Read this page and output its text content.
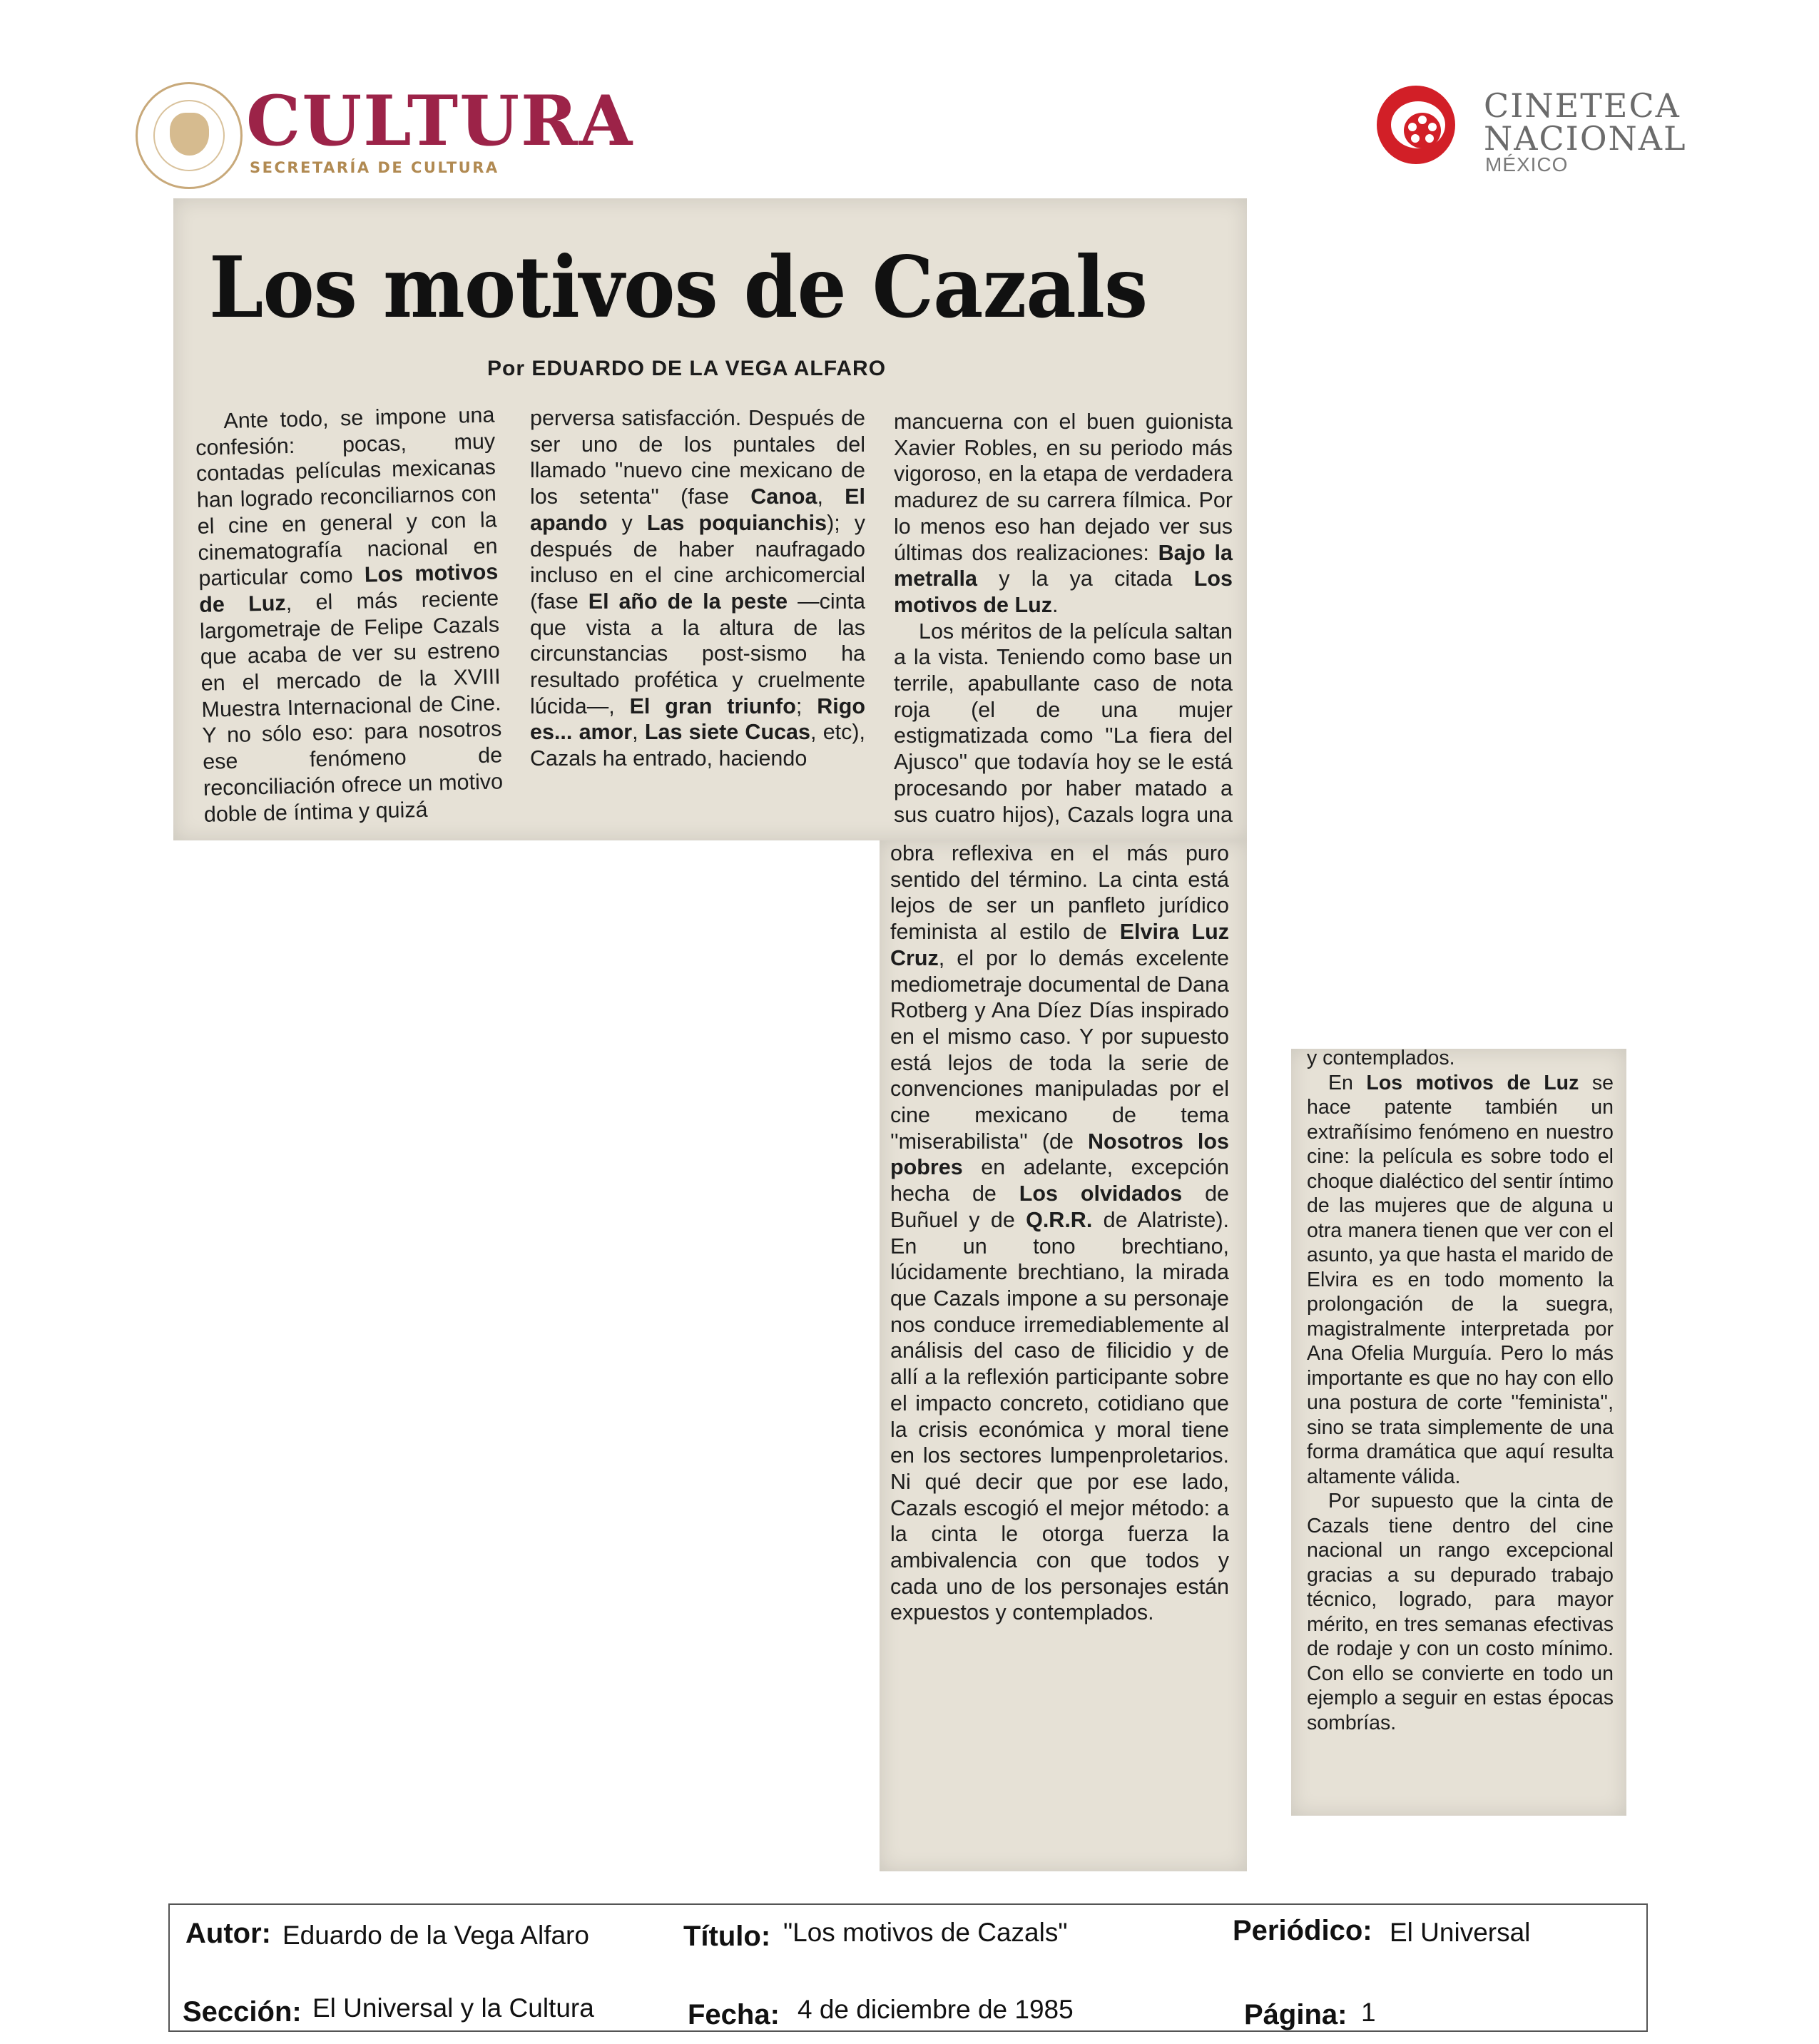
CULTURA
SECRETARÍA DE CULTURA
CINETECA
NACIONAL
MÉXICO
Los motivos de Cazals
Por EDUARDO DE LA VEGA ALFARO

Ante todo, se impone una confesión: pocas, muy contadas películas mexicanas han logrado reconciliarnos con el cine en general y con la cinematografía nacional en particular como Los motivos de Luz, el más reciente largometraje de Felipe Cazals que acaba de ver su estreno en el mercado de la XVIII Muestra Internacional de Cine. Y no sólo eso: para nosotros ese fenómeno de reconciliación ofrece un motivo doble de íntima y quizá

perversa satisfacción. Después de ser uno de los puntales del llamado ''nuevo cine mexicano de los setenta'' (fase Canoa, El apando y Las poquianchis); y después de haber naufragado incluso en el cine archicomercial (fase El año de la peste —cinta que vista a la altura de las circunstancias post-sismo ha resultado profética y cruelmente lúcida—, El gran triunfo; Rigo es... amor, Las siete Cucas, etc), Cazals ha entrado, haciendo

mancuerna con el buen guionista Xavier Robles, en su periodo más vigoroso, en la etapa de verdadera madurez de su carrera fílmica. Por lo menos eso han dejado ver sus últimas dos realizaciones: Bajo la metralla y la ya citada Los motivos de Luz.

Los méritos de la película saltan a la vista. Teniendo como base un terrile, apabullante caso de nota roja (el de una mujer estigmatizada como ''La fiera del Ajusco'' que todavía hoy se le está procesando por haber matado a sus cuatro hijos), Cazals logra una

obra reflexiva en el más puro sentido del término. La cinta está lejos de ser un panfleto jurídico feminista al estilo de Elvira Luz Cruz, el por lo demás excelente mediometraje documental de Dana Rotberg y Ana Díez Días inspirado en el mismo caso. Y por supuesto está lejos de toda la serie de convenciones manipuladas por el cine mexicano de tema ''miserabilista'' (de Nosotros los pobres en adelante, excepción hecha de Los olvidados de Buñuel y de Q.R.R. de Alatriste). En un tono brechtiano, lúcidamente brechtiano, la mirada que Cazals impone a su personaje nos conduce irremediablemente al análisis del caso de filicidio y de allí a la reflexión participante sobre el impacto concreto, cotidiano que la crisis económica y moral tiene en los sectores lumpenproletarios. Ni qué decir que por ese lado, Cazals escogió el mejor método: a la cinta le otorga fuerza la ambivalencia con que todos y cada uno de los personajes están expuestos y contemplados.

y contemplados.

En Los motivos de Luz se hace patente también un extrañísimo fenómeno en nuestro cine: la película es sobre todo el choque dialéctico del sentir íntimo de las mujeres que de alguna u otra manera tienen que ver con el asunto, ya que hasta el marido de Elvira es en todo momento la prolongación de la suegra, magistralmente interpretada por Ana Ofelia Murguía. Pero lo más importante es que no hay con ello una postura de corte ''feminista'', sino se trata simplemente de una forma dramática que aquí resulta altamente válida.

Por supuesto que la cinta de Cazals tiene dentro del cine nacional un rango excepcional gracias a su depurado trabajo técnico, logrado, para mayor mérito, en tres semanas efectivas de rodaje y con un costo mínimo. Con ello se convierte en todo un ejemplo a seguir en estas épocas sombrías.

Autor: Eduardo de la Vega Alfaro	Título: "Los motivos de Cazals"	Periódico: El Universal
Sección: El Universal y la Cultura	Fecha: 4 de diciembre de 1985	Página: 1
